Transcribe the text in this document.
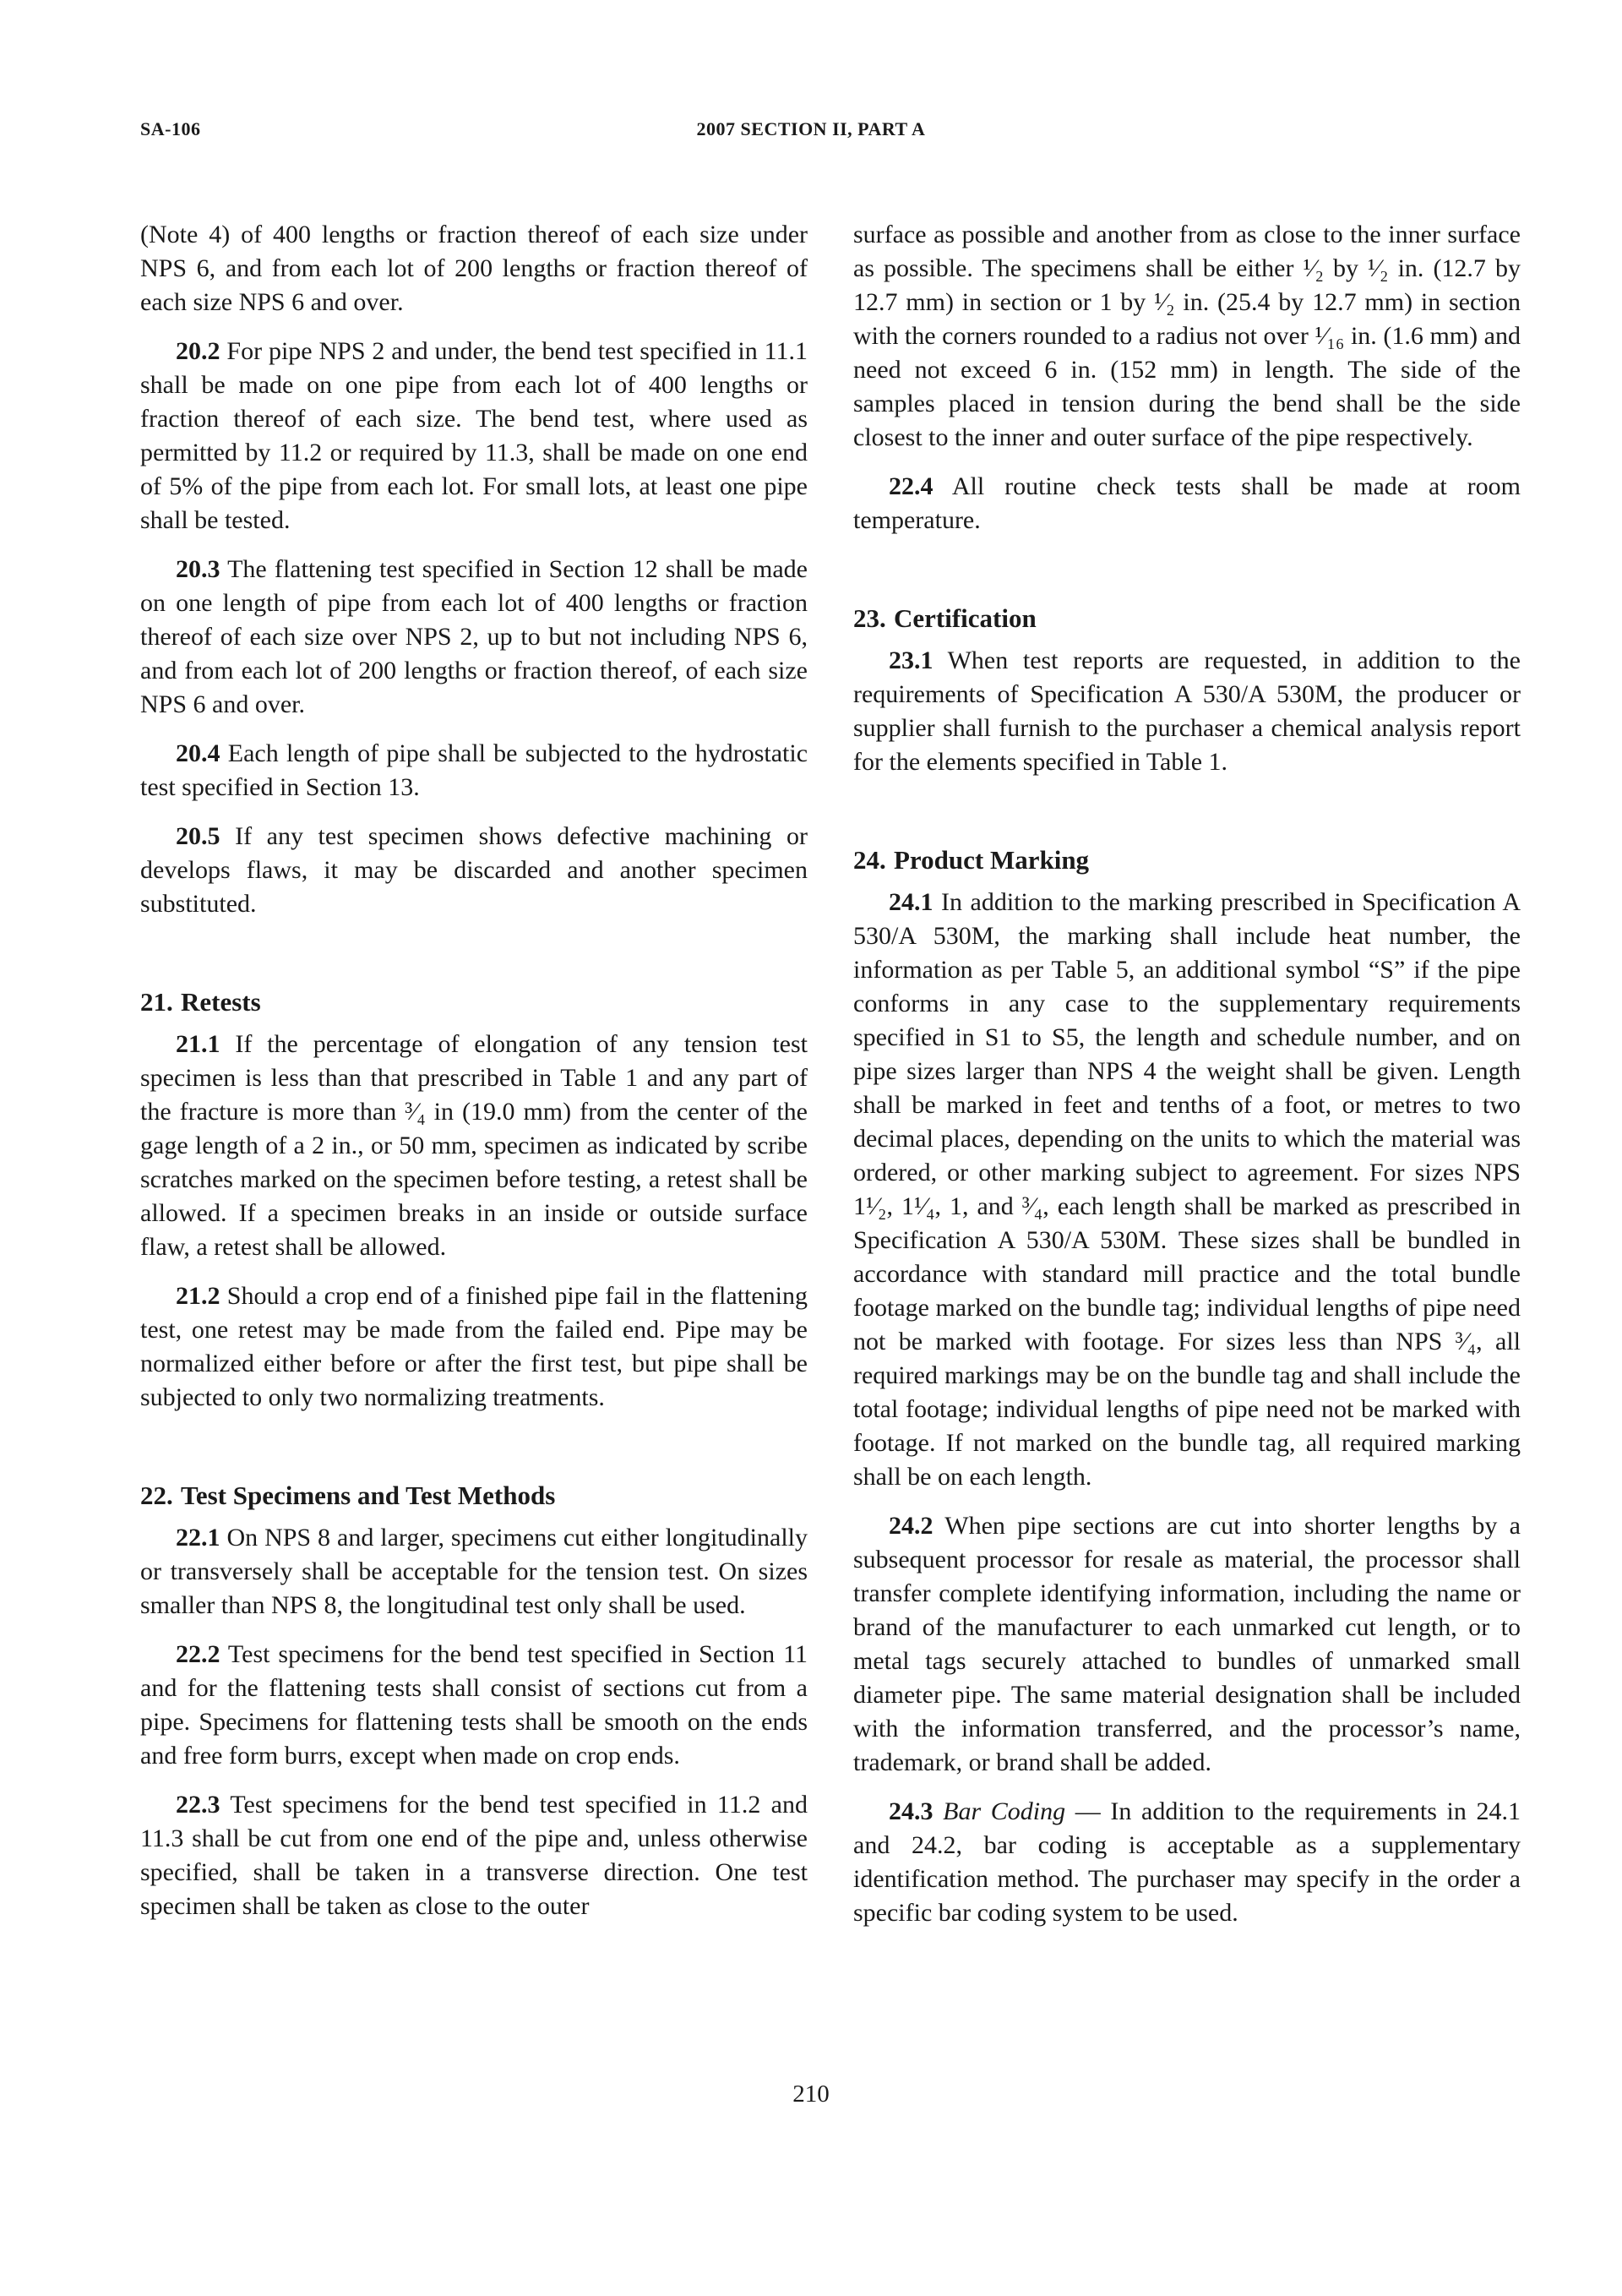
SA-106	2007 SECTION II, PART A

(Note 4) of 400 lengths or fraction thereof of each size under NPS 6, and from each lot of 200 lengths or fraction thereof of each size NPS 6 and over.

20.2 For pipe NPS 2 and under, the bend test specified in 11.1 shall be made on one pipe from each lot of 400 lengths or fraction thereof of each size. The bend test, where used as permitted by 11.2 or required by 11.3, shall be made on one end of 5% of the pipe from each lot. For small lots, at least one pipe shall be tested.

20.3 The flattening test specified in Section 12 shall be made on one length of pipe from each lot of 400 lengths or fraction thereof of each size over NPS 2, up to but not including NPS 6, and from each lot of 200 lengths or fraction thereof, of each size NPS 6 and over.

20.4 Each length of pipe shall be subjected to the hydrostatic test specified in Section 13.

20.5 If any test specimen shows defective machining or develops flaws, it may be discarded and another specimen substituted.

21. Retests

21.1 If the percentage of elongation of any tension test specimen is less than that prescribed in Table 1 and any part of the fracture is more than ³⁄₄ in (19.0 mm) from the center of the gage length of a 2 in., or 50 mm, specimen as indicated by scribe scratches marked on the specimen before testing, a retest shall be allowed. If a specimen breaks in an inside or outside surface flaw, a retest shall be allowed.

21.2 Should a crop end of a finished pipe fail in the flattening test, one retest may be made from the failed end. Pipe may be normalized either before or after the first test, but pipe shall be subjected to only two normalizing treatments.

22. Test Specimens and Test Methods

22.1 On NPS 8 and larger, specimens cut either longitudinally or transversely shall be acceptable for the tension test. On sizes smaller than NPS 8, the longitudinal test only shall be used.

22.2 Test specimens for the bend test specified in Section 11 and for the flattening tests shall consist of sections cut from a pipe. Specimens for flattening tests shall be smooth on the ends and free form burrs, except when made on crop ends.

22.3 Test specimens for the bend test specified in 11.2 and 11.3 shall be cut from one end of the pipe and, unless otherwise specified, shall be taken in a transverse direction. One test specimen shall be taken as close to the outer

surface as possible and another from as close to the inner surface as possible. The specimens shall be either ¹⁄₂ by ¹⁄₂ in. (12.7 by 12.7 mm) in section or 1 by ¹⁄₂ in. (25.4 by 12.7 mm) in section with the corners rounded to a radius not over ¹⁄₁₆ in. (1.6 mm) and need not exceed 6 in. (152 mm) in length. The side of the samples placed in tension during the bend shall be the side closest to the inner and outer surface of the pipe respectively.

22.4 All routine check tests shall be made at room temperature.

23. Certification

23.1 When test reports are requested, in addition to the requirements of Specification A 530/A 530M, the producer or supplier shall furnish to the purchaser a chemical analysis report for the elements specified in Table 1.

24. Product Marking

24.1 In addition to the marking prescribed in Specification A 530/A 530M, the marking shall include heat number, the information as per Table 5, an additional symbol “S” if the pipe conforms in any case to the supplementary requirements specified in S1 to S5, the length and schedule number, and on pipe sizes larger than NPS 4 the weight shall be given. Length shall be marked in feet and tenths of a foot, or metres to two decimal places, depending on the units to which the material was ordered, or other marking subject to agreement. For sizes NPS 1¹⁄₂, 1¹⁄₄, 1, and ³⁄₄, each length shall be marked as prescribed in Specification A 530/A 530M. These sizes shall be bundled in accordance with standard mill practice and the total bundle footage marked on the bundle tag; individual lengths of pipe need not be marked with footage. For sizes less than NPS ³⁄₄, all required markings may be on the bundle tag and shall include the total footage; individual lengths of pipe need not be marked with footage. If not marked on the bundle tag, all required marking shall be on each length.

24.2 When pipe sections are cut into shorter lengths by a subsequent processor for resale as material, the processor shall transfer complete identifying information, including the name or brand of the manufacturer to each unmarked cut length, or to metal tags securely attached to bundles of unmarked small diameter pipe. The same material designation shall be included with the information transferred, and the processor’s name, trademark, or brand shall be added.

24.3 Bar Coding — In addition to the requirements in 24.1 and 24.2, bar coding is acceptable as a supplementary identification method. The purchaser may specify in the order a specific bar coding system to be used.

210
